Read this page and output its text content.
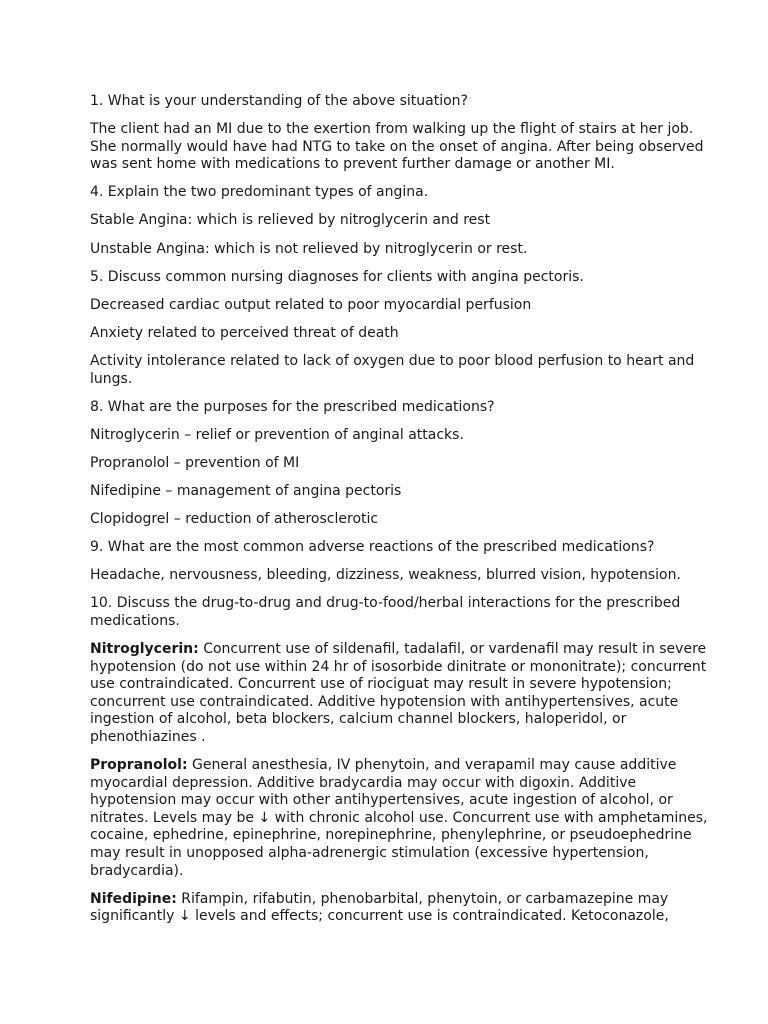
1. What is your understanding of the above situation?

The client had an MI due to the exertion from walking up the flight of stairs at her job. She normally would have had NTG to take on the onset of angina. After being observed was sent home with medications to prevent further damage or another MI.

4. Explain the two predominant types of angina.

Stable Angina: which is relieved by nitroglycerin and rest

Unstable Angina: which is not relieved by nitroglycerin or rest.

5. Discuss common nursing diagnoses for clients with angina pectoris.

Decreased cardiac output related to poor myocardial perfusion

Anxiety related to perceived threat of death

Activity intolerance related to lack of oxygen due to poor blood perfusion to heart and lungs.

8. What are the purposes for the prescribed medications?

Nitroglycerin – relief or prevention of anginal attacks.

Propranolol – prevention of MI

Nifedipine – management of angina pectoris

Clopidogrel – reduction of atherosclerotic

9. What are the most common adverse reactions of the prescribed medications?

Headache, nervousness, bleeding, dizziness, weakness, blurred vision, hypotension.

10. Discuss the drug-to-drug and drug-to-food/herbal interactions for the prescribed medications.

Nitroglycerin: Concurrent use of sildenafil, tadalafil, or vardenafil may result in severe hypotension (do not use within 24 hr of isosorbide dinitrate or mononitrate); concurrent use contraindicated. Concurrent use of riociguat may result in severe hypotension; concurrent use contraindicated. Additive hypotension with antihypertensives, acute ingestion of alcohol, beta blockers, calcium channel blockers, haloperidol, or phenothiazines .

Propranolol: General anesthesia, IV phenytoin, and verapamil may cause additive myocardial depression. Additive bradycardia may occur with digoxin. Additive hypotension may occur with other antihypertensives, acute ingestion of alcohol, or nitrates. Levels may be ↓ with chronic alcohol use. Concurrent use with amphetamines, cocaine, ephedrine, epinephrine, norepinephrine, phenylephrine, or pseudoephedrine may result in unopposed alpha-adrenergic stimulation (excessive hypertension, bradycardia).

Nifedipine: Rifampin, rifabutin, phenobarbital, phenytoin, or carbamazepine may significantly ↓ levels and effects; concurrent use is contraindicated. Ketoconazole,
